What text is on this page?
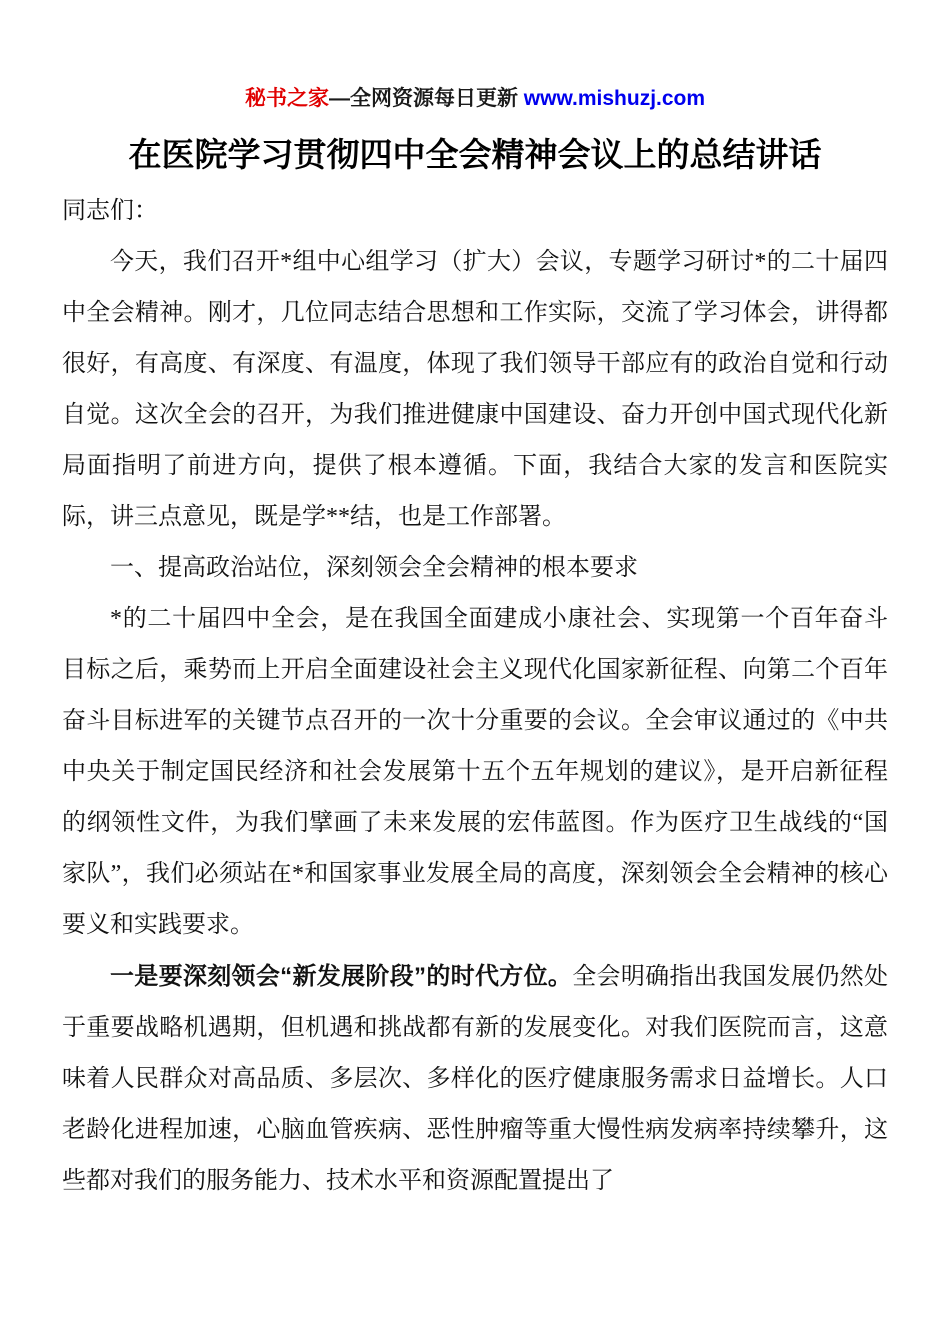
秘书之家—全网资源每日更新 www.mishuzj.com
在医院学习贯彻四中全会精神会议上的总结讲话

同志们：

今天，我们召开*组中心组学习（扩大）会议，专题学习研讨*的二十届四中全会精神。刚才，几位同志结合思想和工作实际，交流了学习体会，讲得都很好，有高度、有深度、有温度，体现了我们领导干部应有的政治自觉和行动自觉。这次全会的召开，为我们推进健康中国建设、奋力开创中国式现代化新局面指明了前进方向，提供了根本遵循。下面，我结合大家的发言和医院实际，讲三点意见，既是学**结，也是工作部署。

一、提高政治站位，深刻领会全会精神的根本要求

*的二十届四中全会，是在我国全面建成小康社会、实现第一个百年奋斗目标之后，乘势而上开启全面建设社会主义现代化国家新征程、向第二个百年奋斗目标进军的关键节点召开的一次十分重要的会议。全会审议通过的《中共中央关于制定国民经济和社会发展第十五个五年规划的建议》，是开启新征程的纲领性文件，为我们擘画了未来发展的宏伟蓝图。作为医疗卫生战线的“国家队”，我们必须站在*和国家事业发展全局的高度，深刻领会全会精神的核心要义和实践要求。

一是要深刻领会“新发展阶段”的时代方位。全会明确指出我国发展仍然处于重要战略机遇期，但机遇和挑战都有新的发展变化。对我们医院而言，这意味着人民群众对高品质、多层次、多样化的医疗健康服务需求日益增长。人口老龄化进程加速，心脑血管疾病、恶性肿瘤等重大慢性病发病率持续攀升，这些都对我们的服务能力、技术水平和资源配置提出了
